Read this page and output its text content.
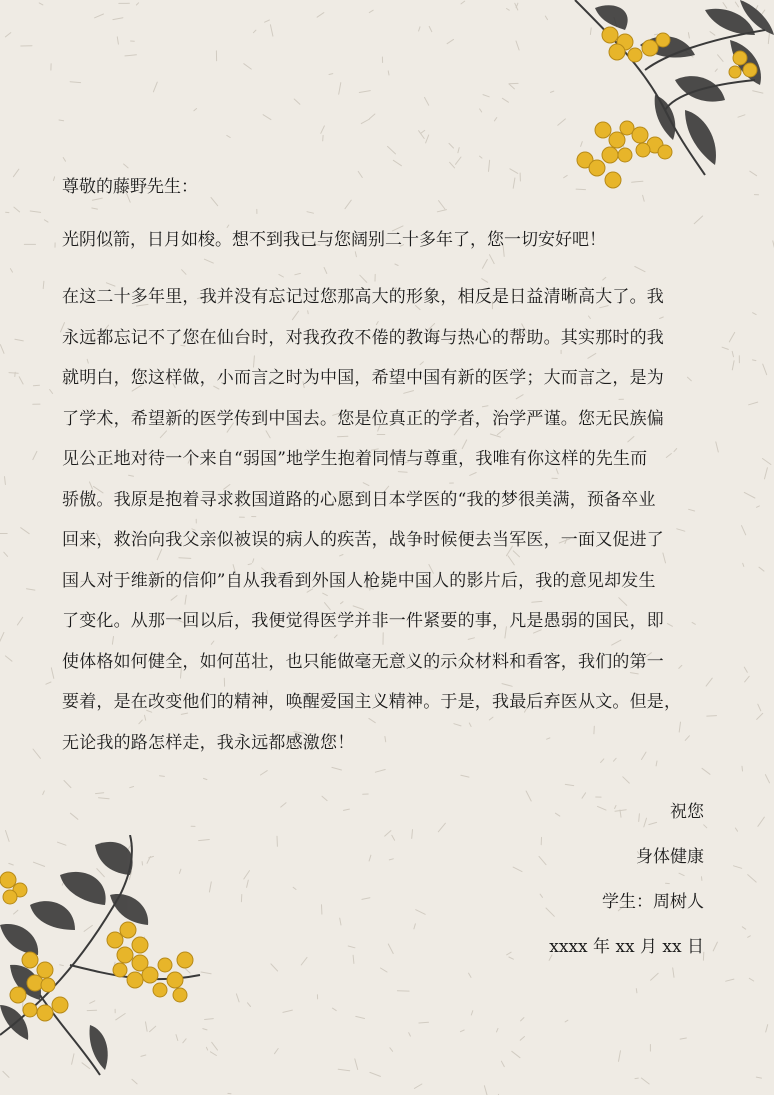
尊敬的藤野先生：

光阴似箭，日月如梭。想不到我已与您阔别二十多年了，您一切安好吧！

在这二十多年里，我并没有忘记过您那高大的形象，相反是日益清晰高大了。我
永远都忘记不了您在仙台时，对我孜孜不倦的教诲与热心的帮助。其实那时的我
就明白，您这样做，小而言之时为中国，希望中国有新的医学；大而言之，是为
了学术，希望新的医学传到中国去。您是位真正的学者，治学严谨。您无民族偏
见公正地对待一个来自“弱国”地学生抱着同情与尊重，我唯有你这样的先生而
骄傲。我原是抱着寻求救国道路的心愿到日本学医的“我的梦很美满，预备卒业
回来，救治向我父亲似被误的病人的疾苦，战争时候便去当军医，一面又促进了
国人对于维新的信仰”自从我看到外国人枪毙中国人的影片后，我的意见却发生
了变化。从那一回以后，我便觉得医学并非一件紧要的事，凡是愚弱的国民，即
使体格如何健全，如何茁壮，也只能做毫无意义的示众材料和看客，我们的第一
要着，是在改变他们的精神，唤醒爱国主义精神。于是，我最后弃医从文。但是，
无论我的路怎样走，我永远都感激您！
祝您
身体健康
学生：周树人
xxxx 年 xx 月 xx 日
